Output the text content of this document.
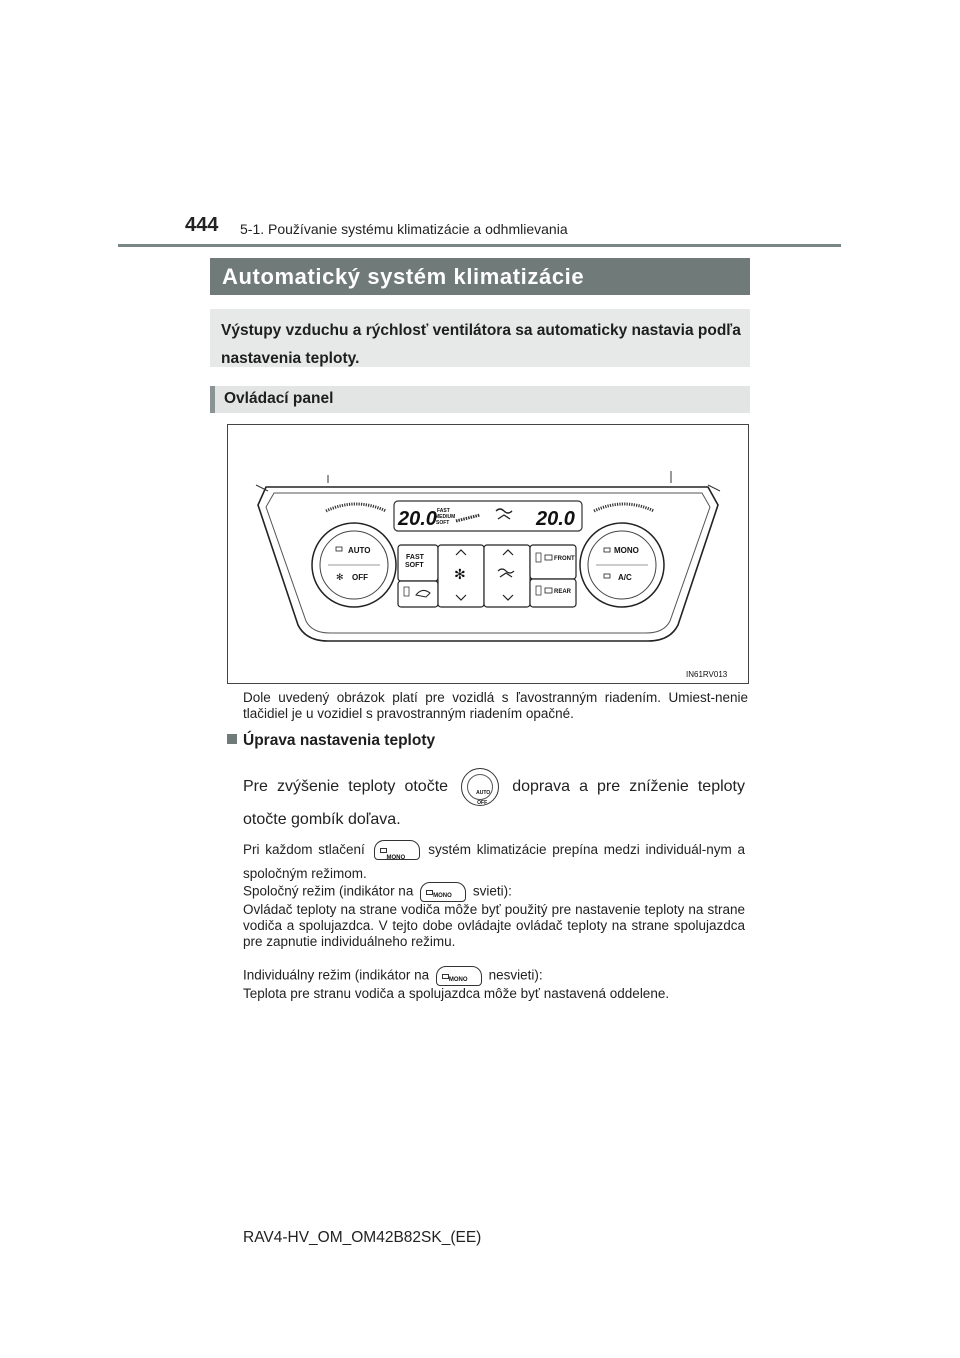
444 5-1. Používanie systému klimatizácie a odhmlievania
Automatický systém klimatizácie
Výstupy vzduchu a rýchlosť ventilátora sa automaticky nastavia podľa nastavenia teploty.
Ovládací panel
20.0 FAST
MEDIUM
SOFT	20.0
AUTO
✻ OFF
FAST
SOFT
✻
FRONT
REAR
MONO
A/C
IN61RV013
Dole uvedený obrázok platí pre vozidlá s ľavostranným riadením. Umiest-nenie tlačidiel je u vozidiel s pravostranným riadením opačné.
Úprava nastavenia teploty
Pre zvýšenie teploty otočte	AUTO
OFF
doprava a pre zníženie teploty otočte gombík doľava.
Pri každom stlačení
MONO
systém klimatizácie prepína medzi individuál-nym a spoločným režimom.
Spoločný režim (indikátor na	MONO svieti):
Ovládač teploty na strane vodiča môže byť použitý pre nastavenie teploty na strane vodiča a spolujazdca. V tejto dobe ovládajte ovládač teploty na strane spolujazdca pre zapnutie individuálneho režimu.
Individuálny režim (indikátor na	MONO nesvieti):
Teplota pre stranu vodiča a spolujazdca môže byť nastavená oddelene.
RAV4-HV_OM_OM42B82SK_(EE)
